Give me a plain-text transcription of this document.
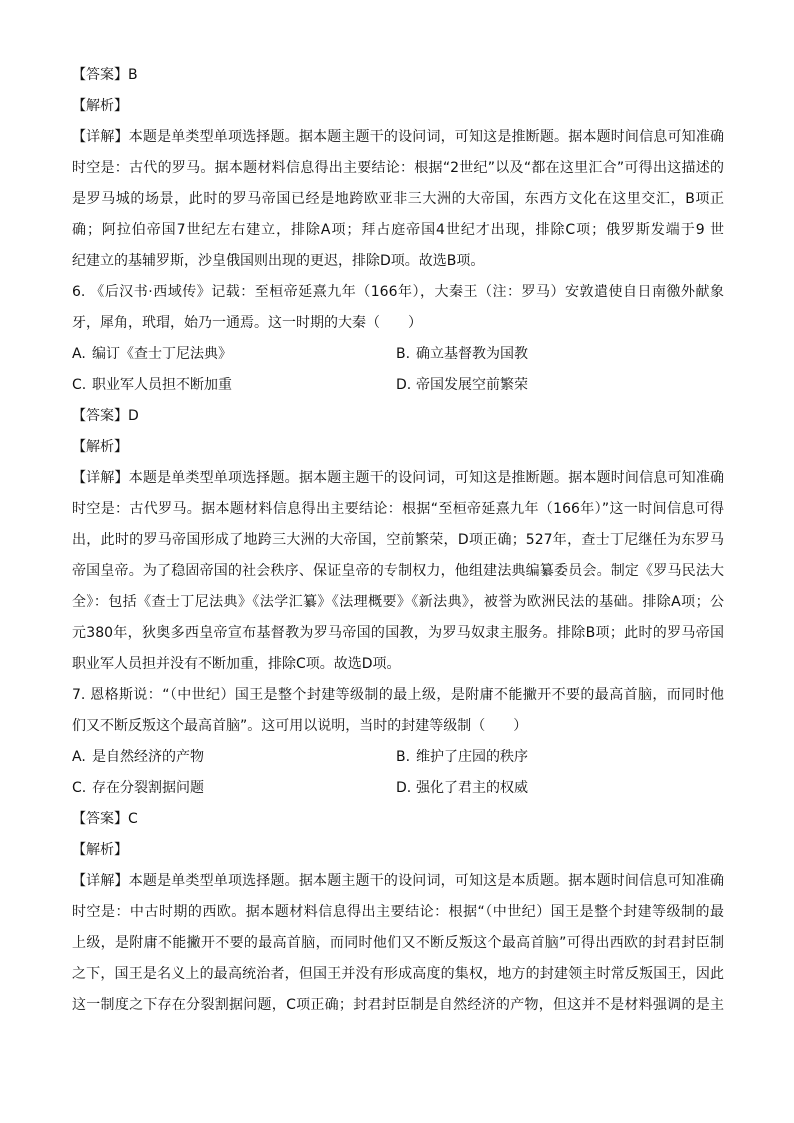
【答案】B
【解析】
【详解】本题是单类型单项选择题。据本题主题干的设问词，可知这是推断题。据本题时间信息可知准确
时空是：古代的罗马。据本题材料信息得出主要结论：根据“2世纪”以及“都在这里汇合”可得出这描述的
是罗马城的场景，此时的罗马帝国已经是地跨欧亚非三大洲的大帝国，东西方文化在这里交汇，B项正
确；阿拉伯帝国7世纪左右建立，排除A项；拜占庭帝国4世纪才出现，排除C项；俄罗斯发端于9 世
纪建立的基辅罗斯，沙皇俄国则出现的更迟，排除D项。故选B项。
6. 《后汉书·西域传》记载：至桓帝延熹九年（166年），大秦王（注：罗马）安敦遣使自日南徼外献象
牙，犀角，玳瑁，始乃一通焉。这一时期的大秦（　　）
A. 编订《查士丁尼法典》	B. 确立基督教为国教
C. 职业军人员担不断加重	D. 帝国发展空前繁荣
【答案】D
【解析】
【详解】本题是单类型单项选择题。据本题主题干的设问词，可知这是推断题。据本题时间信息可知准确
时空是：古代罗马。据本题材料信息得出主要结论：根据“至桓帝延熹九年（166年）”这一时间信息可得
出，此时的罗马帝国形成了地跨三大洲的大帝国，空前繁荣，D项正确；527年，查士丁尼继任为东罗马
帝国皇帝。为了稳固帝国的社会秩序、保证皇帝的专制权力，他组建法典编纂委员会。制定《罗马民法大
全》：包括《查士丁尼法典》《法学汇纂》《法理概要》《新法典》，被誉为欧洲民法的基础。排除A项；公
元380年，狄奥多西皇帝宣布基督教为罗马帝国的国教，为罗马奴隶主服务。排除B项；此时的罗马帝国
职业军人员担并没有不断加重，排除C项。故选D项。
7. 恩格斯说：“（中世纪）国王是整个封建等级制的最上级，是附庸不能撇开不要的最高首脑，而同时他
们又不断反叛这个最高首脑”。这可用以说明，当时的封建等级制（　　）
A. 是自然经济的产物	B. 维护了庄园的秩序
C. 存在分裂割据问题	D. 强化了君主的权威
【答案】C
【解析】
【详解】本题是单类型单项选择题。据本题主题干的设问词，可知这是本质题。据本题时间信息可知准确
时空是：中古时期的西欧。据本题材料信息得出主要结论：根据“（中世纪）国王是整个封建等级制的最
上级，是附庸不能撇开不要的最高首脑，而同时他们又不断反叛这个最高首脑”可得出西欧的封君封臣制
之下，国王是名义上的最高统治者，但国王并没有形成高度的集权，地方的封建领主时常反叛国王，因此
这一制度之下存在分裂割据问题，C项正确；封君封臣制是自然经济的产物，但这并不是材料强调的是主
